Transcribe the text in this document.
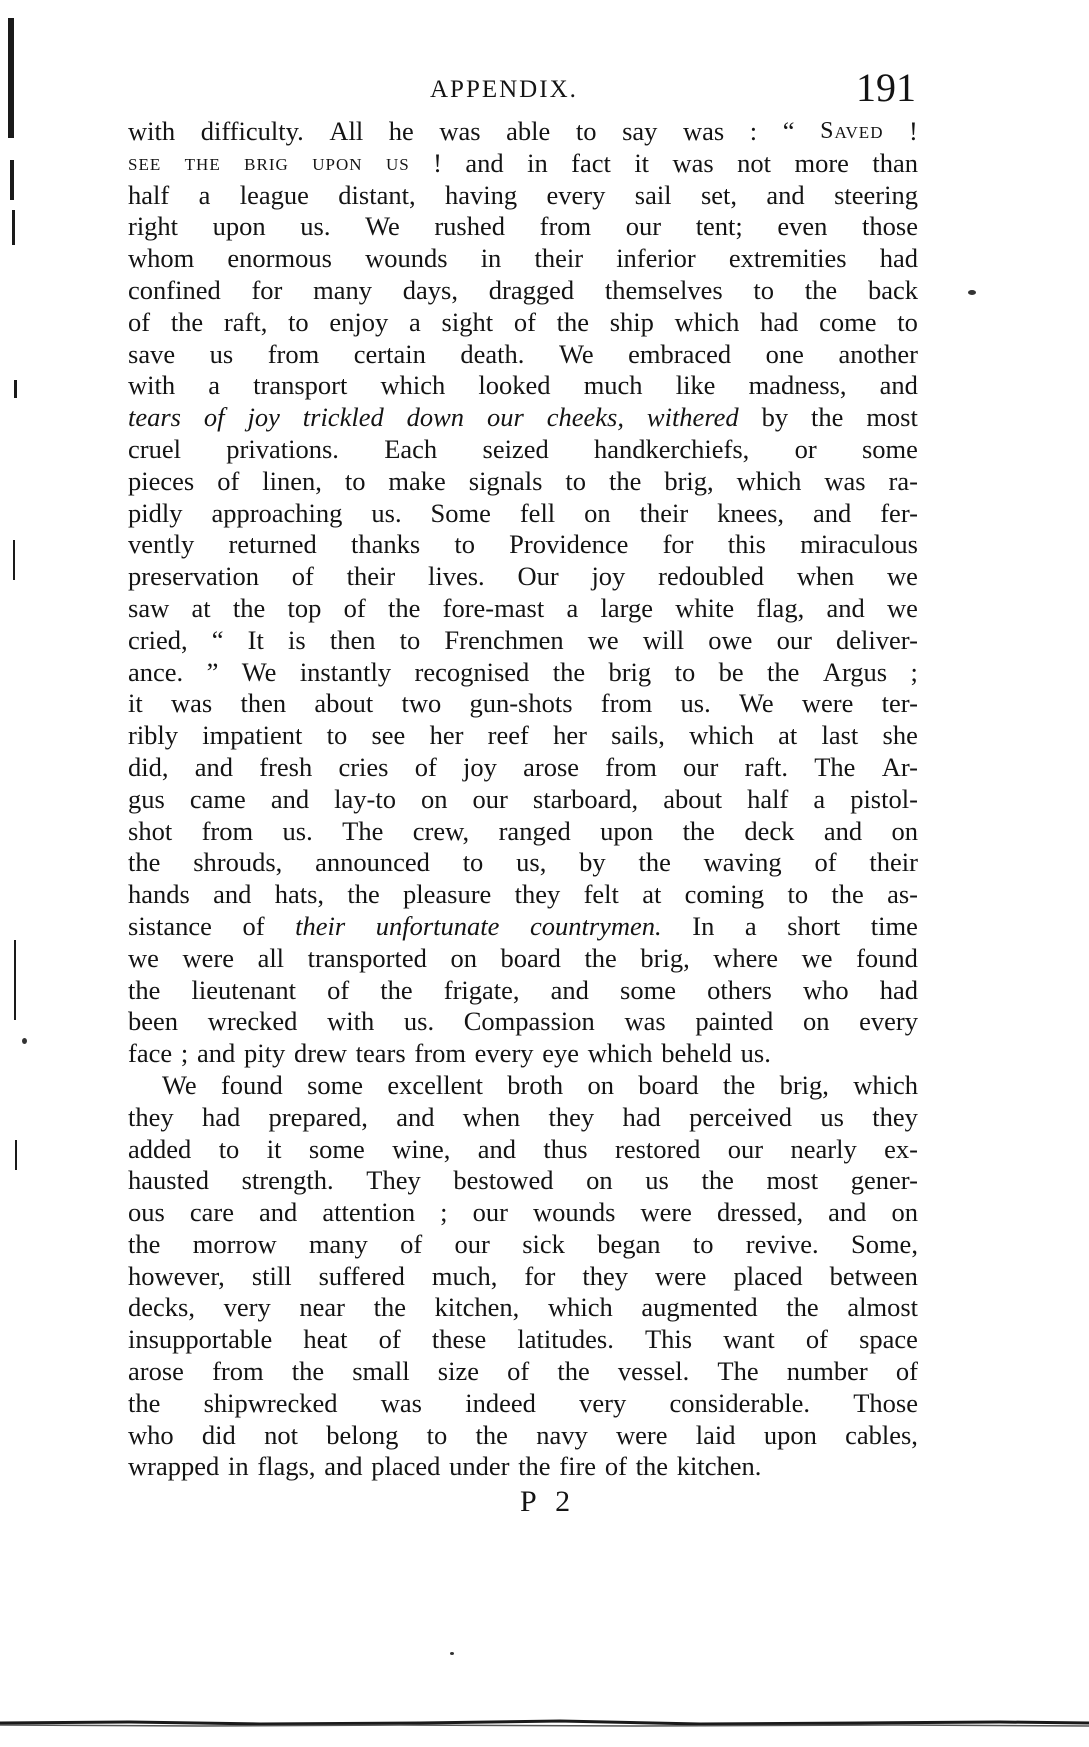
APPENDIX.	191
with difficulty. All he was able to say was : “ Saved !
see the brig upon us ! and in fact it was not more than
half a league distant, having every sail set, and steering
right upon us. We rushed from our tent; even those
whom enormous wounds in their inferior extremities had
confined for many days, dragged themselves to the back
of the raft, to enjoy a sight of the ship which had come to
save us from certain death. We embraced one another
with a transport which looked much like madness, and
tears of joy trickled down our cheeks, withered by the most
cruel privations. Each seized handkerchiefs, or some
pieces of linen, to make signals to the brig, which was ra-
pidly approaching us. Some fell on their knees, and fer-
vently returned thanks to Providence for this miraculous
preservation of their lives. Our joy redoubled when we
saw at the top of the fore-mast a large white flag, and we
cried, “ It is then to Frenchmen we will owe our deliver-
ance. ” We instantly recognised the brig to be the Argus ;
it was then about two gun-shots from us. We were ter-
ribly impatient to see her reef her sails, which at last she
did, and fresh cries of joy arose from our raft. The Ar-
gus came and lay-to on our starboard, about half a pistol-
shot from us. The crew, ranged upon the deck and on
the shrouds, announced to us, by the waving of their
hands and hats, the pleasure they felt at coming to the as-
sistance of their unfortunate countrymen. In a short time
we were all transported on board the brig, where we found
the lieutenant of the frigate, and some others who had
been wrecked with us. Compassion was painted on every
face ; and pity drew tears from every eye which beheld us.
We found some excellent broth on board the brig, which
they had prepared, and when they had perceived us they
added to it some wine, and thus restored our nearly ex-
hausted strength. They bestowed on us the most gener-
ous care and attention ; our wounds were dressed, and on
the morrow many of our sick began to revive. Some,
however, still suffered much, for they were placed between
decks, very near the kitchen, which augmented the almost
insupportable heat of these latitudes. This want of space
arose from the small size of the vessel. The number of
the shipwrecked was indeed very considerable. Those
who did not belong to the navy were laid upon cables,
wrapped in flags, and placed under the fire of the kitchen.
P 2
